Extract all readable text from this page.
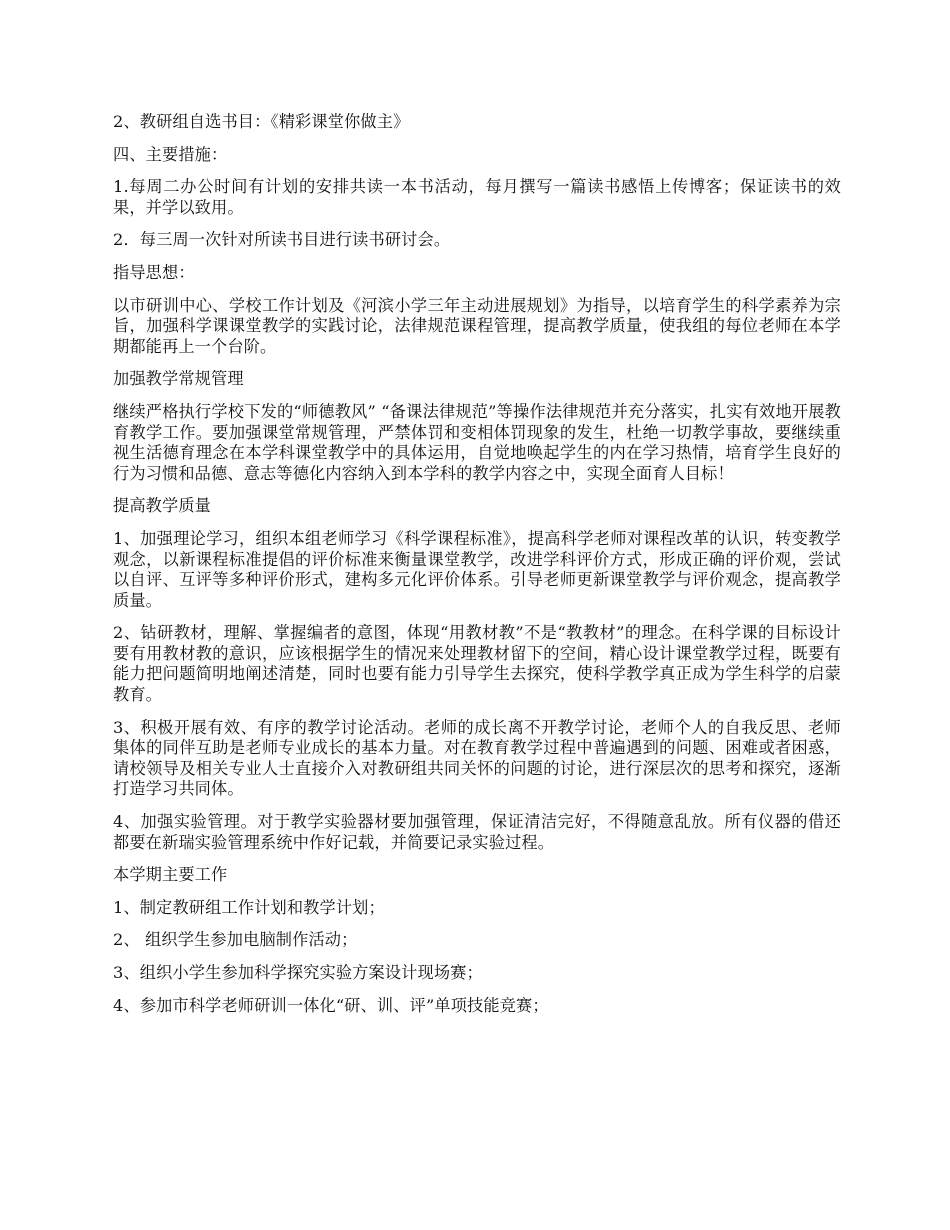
2、教研组自选书目：《精彩课堂你做主》

四、主要措施：

1.每周二办公时间有计划的安排共读一本书活动，每月撰写一篇读书感悟上传博客；保证读书的效果，并学以致用。

2．每三周一次针对所读书目进行读书研讨会。

指导思想：

以市研训中心、学校工作计划及《河滨小学三年主动进展规划》为指导，以培育学生的科学素养为宗旨，加强科学课课堂教学的实践讨论，法律规范课程管理，提高教学质量，使我组的每位老师在本学期都能再上一个台阶。

加强教学常规管理

继续严格执行学校下发的“师德教风” “备课法律规范”等操作法律规范并充分落实，扎实有效地开展教育教学工作。要加强课堂常规管理，严禁体罚和变相体罚现象的发生，杜绝一切教学事故，要继续重视生活德育理念在本学科课堂教学中的具体运用，自觉地唤起学生的内在学习热情，培育学生良好的行为习惯和品德、意志等德化内容纳入到本学科的教学内容之中，实现全面育人目标！

提高教学质量

1、加强理论学习，组织本组老师学习《科学课程标准》，提高科学老师对课程改革的认识，转变教学观念，以新课程标准提倡的评价标准来衡量课堂教学，改进学科评价方式，形成正确的评价观，尝试以自评、互评等多种评价形式，建构多元化评价体系。引导老师更新课堂教学与评价观念，提高教学质量。

2、钻研教材，理解、掌握编者的意图，体现“用教材教”不是“教教材”的理念。在科学课的目标设计要有用教材教的意识，应该根据学生的情况来处理教材留下的空间，精心设计课堂教学过程，既要有能力把问题简明地阐述清楚，同时也要有能力引导学生去探究，使科学教学真正成为学生科学的启蒙教育。

3、积极开展有效、有序的教学讨论活动。老师的成长离不开教学讨论，老师个人的自我反思、老师集体的同伴互助是老师专业成长的基本力量。对在教育教学过程中普遍遇到的问题、困难或者困惑，请校领导及相关专业人士直接介入对教研组共同关怀的问题的讨论，进行深层次的思考和探究，逐渐打造学习共同体。

4、加强实验管理。对于教学实验器材要加强管理，保证清洁完好，不得随意乱放。所有仪器的借还都要在新瑞实验管理系统中作好记载，并简要记录实验过程。

本学期主要工作

1、制定教研组工作计划和教学计划；

2、 组织学生参加电脑制作活动；

3、组织小学生参加科学探究实验方案设计现场赛；

4、参加市科学老师研训一体化“研、训、评”单项技能竞赛；
